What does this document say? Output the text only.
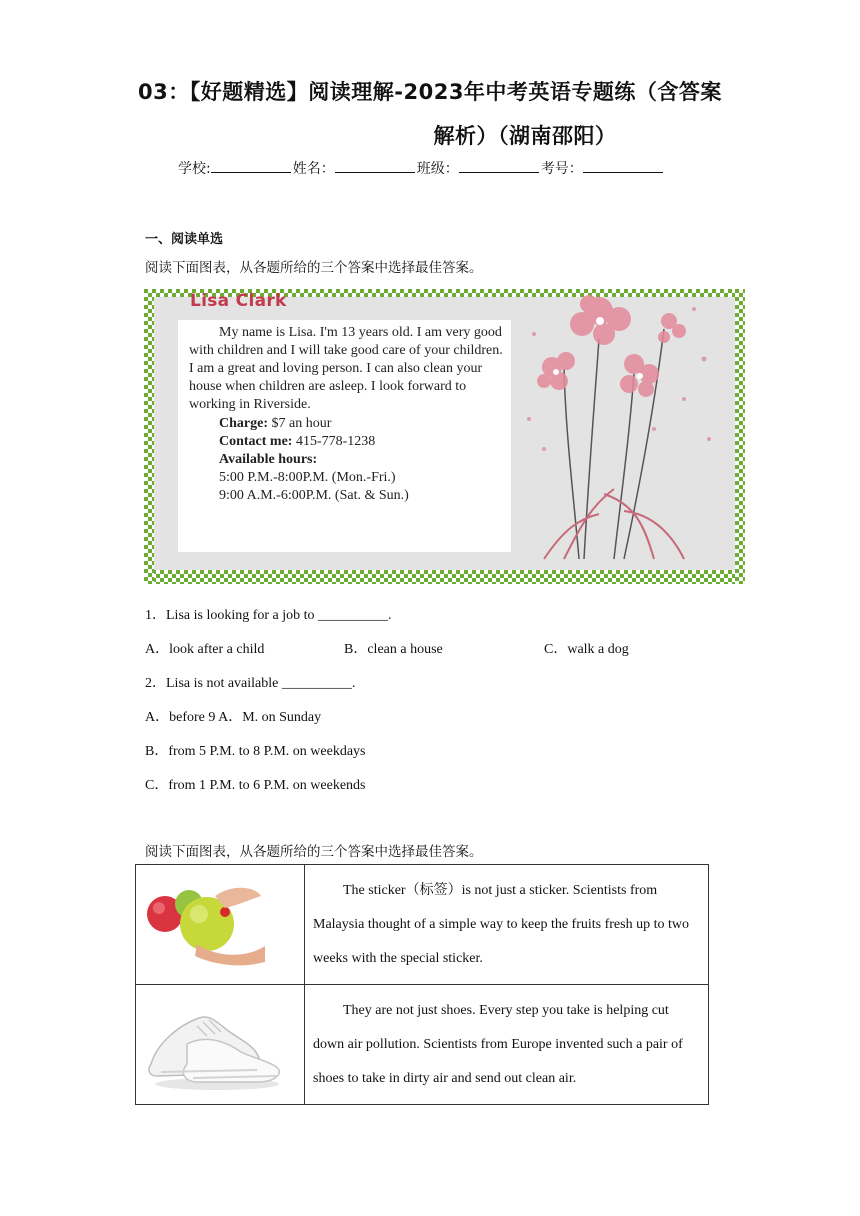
03：【好题精选】阅读理解-2023年中考英语专题练（含答案
解析）（湖南邵阳）
学校:	姓名：	班级：	考号：
一、阅读单选
阅读下面图表，从各题所给的三个答案中选择最佳答案。
Lisa Clark

My name is Lisa. I'm 13 years old. I am very good with children and I will take good care of your children. I am a great and loving person. I can also clean your house when children are asleep. I look forward to working in Riverside.

Charge: $7 an hour
Contact me: 415-778-1238
Available hours:
5:00 P.M.-8:00P.M. (Mon.-Fri.)
9:00 A.M.-6:00P.M. (Sat. & Sun.)
1．Lisa is looking for a job to __________.
A．look after a child	B．clean a house	C．walk a dog
2．Lisa is not available __________.
A．before 9 A．M. on Sunday
B．from 5 P.M. to 8 P.M. on weekdays
C．from 1 P.M. to 6 P.M. on weekends
阅读下面图表，从各题所给的三个答案中选择最佳答案。

The sticker（标签）is not just a sticker. Scientists from Malaysia thought of a simple way to keep the fruits fresh up to two weeks with the special sticker.

They are not just shoes. Every step you take is helping cut down air pollution. Scientists from Europe invented such a pair of shoes to take in dirty air and send out clean air.
